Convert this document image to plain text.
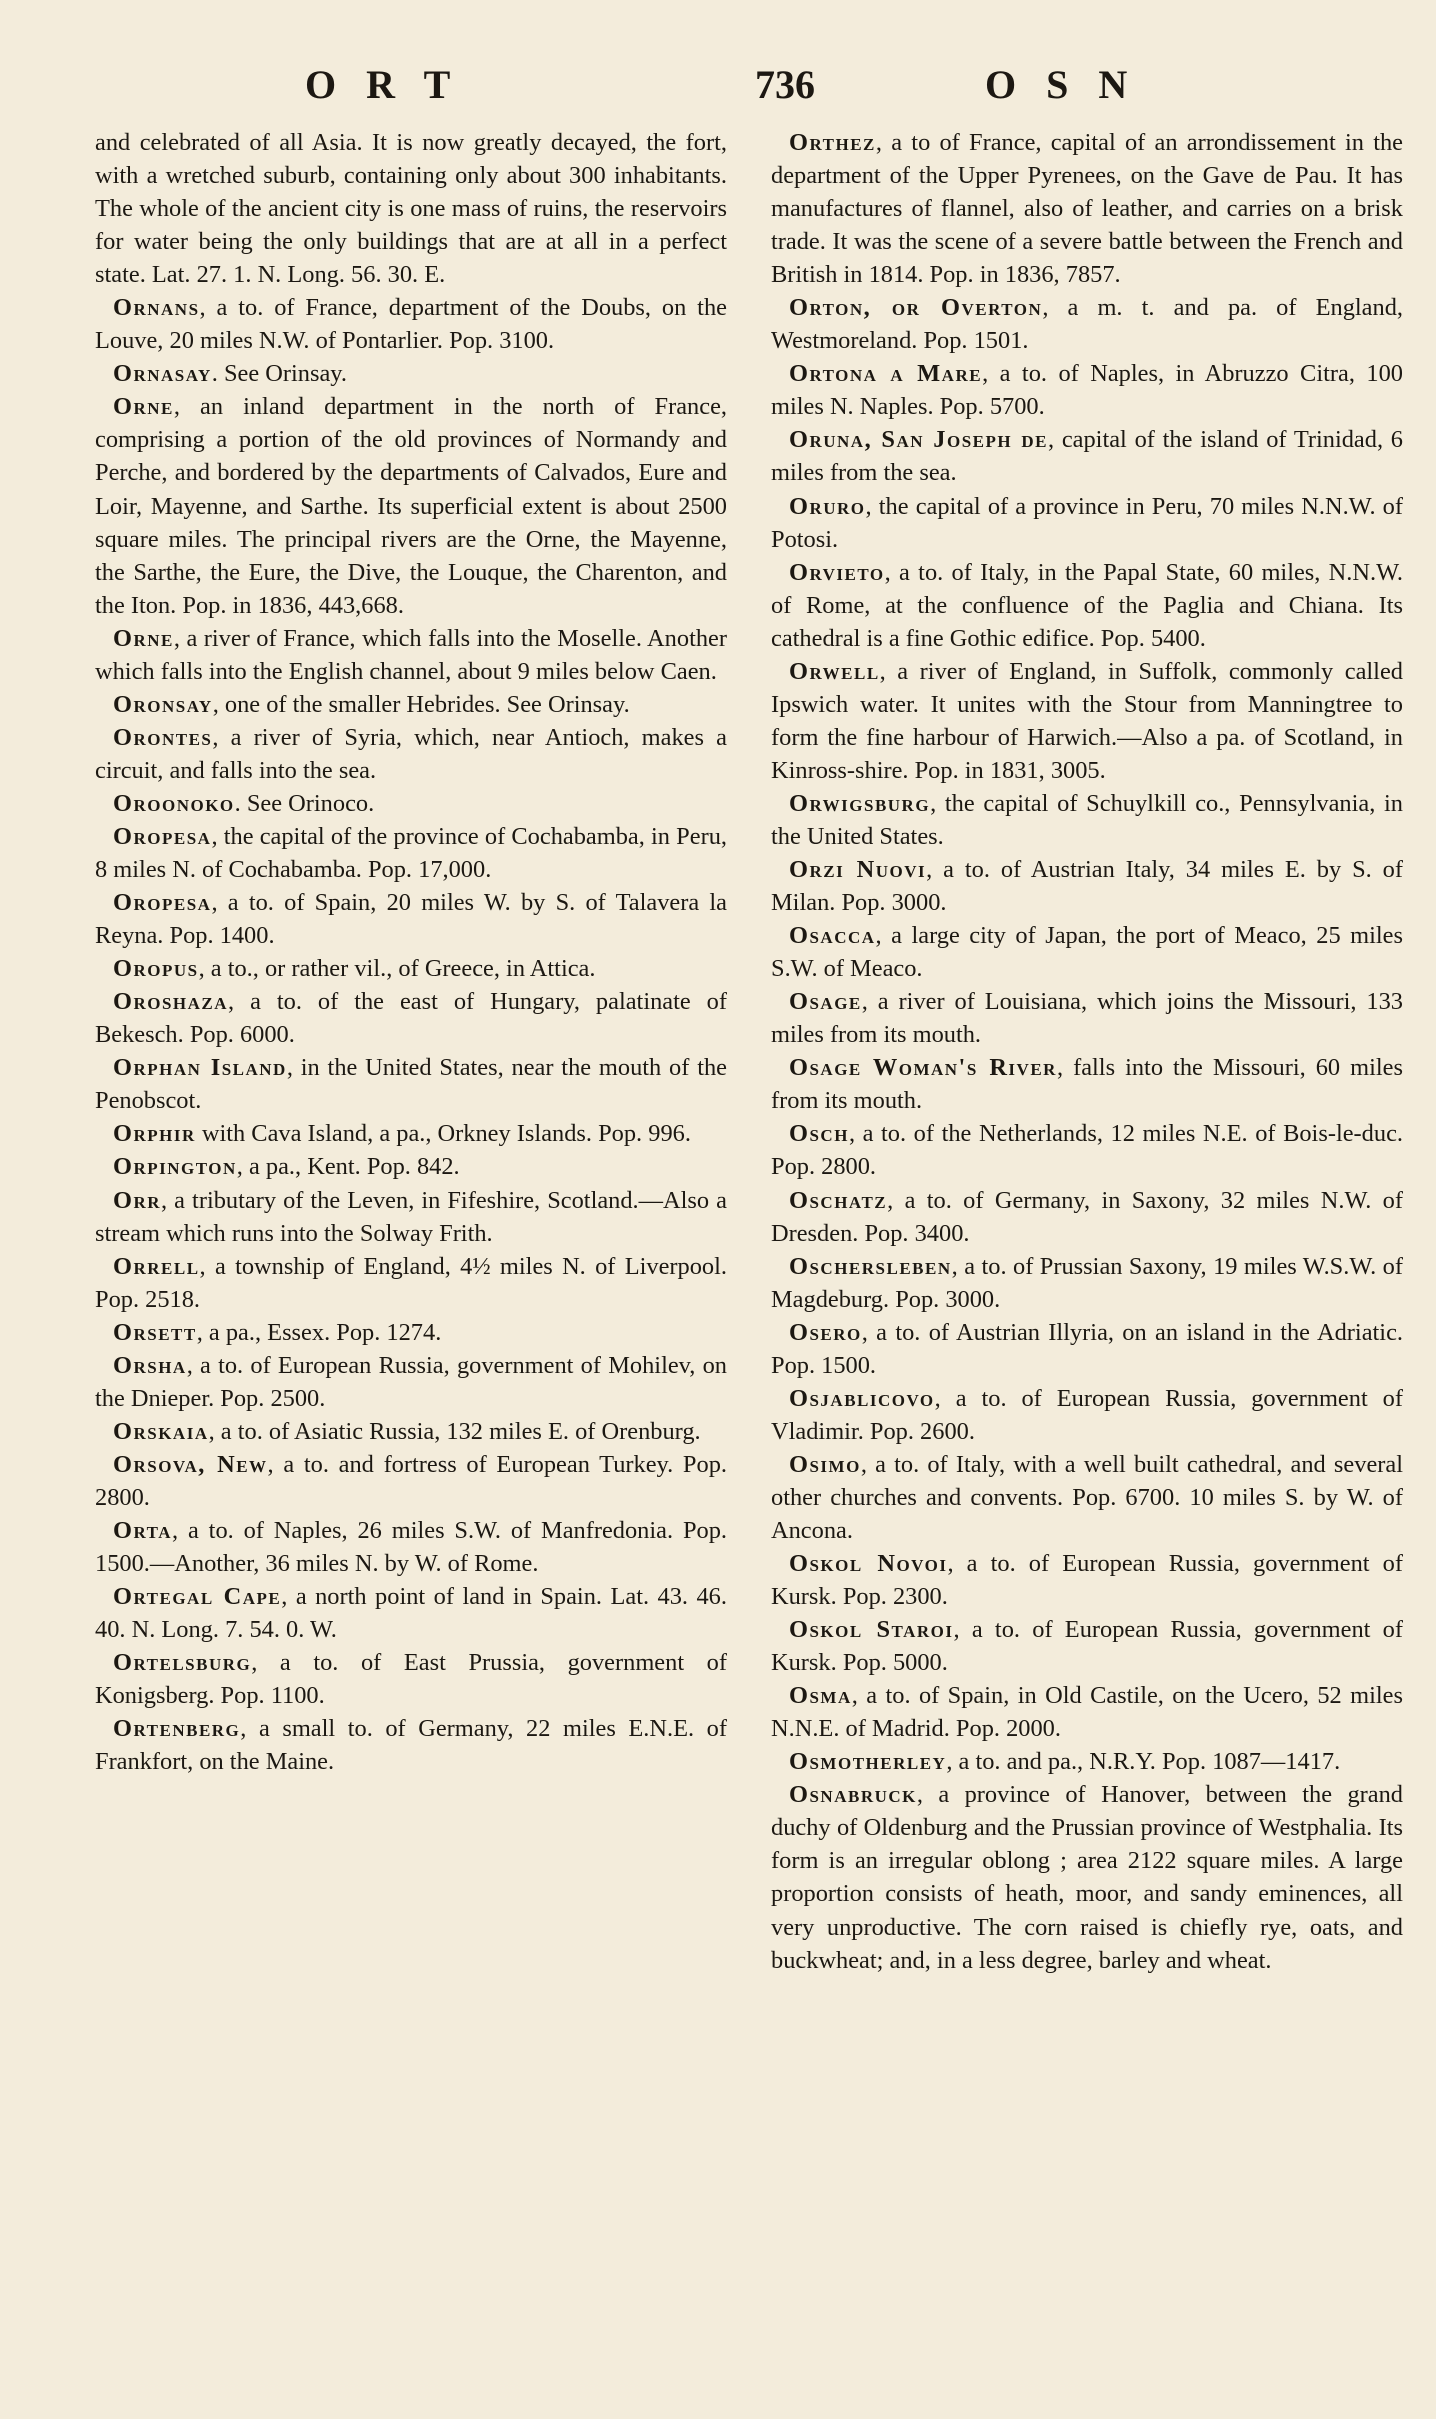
ORT	736	OSN

and celebrated of all Asia. It is now greatly decayed, the fort, with a wretched suburb, containing only about 300 inhabitants. The whole of the ancient city is one mass of ruins, the reservoirs for water being the only buildings that are at all in a perfect state. Lat. 27. 1. N. Long. 56. 30. E.

Ornans, a to. of France, department of the Doubs, on the Louve, 20 miles N.W. of Pontarlier. Pop. 3100.

Ornasay. See Orinsay.

Orne, an inland department in the north of France, comprising a portion of the old provinces of Normandy and Perche, and bordered by the departments of Calvados, Eure and Loir, Mayenne, and Sarthe. Its superficial extent is about 2500 square miles. The principal rivers are the Orne, the Mayenne, the Sarthe, the Eure, the Dive, the Louque, the Charenton, and the Iton. Pop. in 1836, 443,668.

Orne, a river of France, which falls into the Moselle. Another which falls into the English channel, about 9 miles below Caen.

Oronsay, one of the smaller Hebrides. See Orinsay.

Orontes, a river of Syria, which, near Antioch, makes a circuit, and falls into the sea.

Oroonoko. See Orinoco.

Oropesa, the capital of the province of Cochabamba, in Peru, 8 miles N. of Cochabamba. Pop. 17,000.

Oropesa, a to. of Spain, 20 miles W. by S. of Talavera la Reyna. Pop. 1400.

Oropus, a to., or rather vil., of Greece, in Attica.

Oroshaza, a to. of the east of Hungary, palatinate of Bekesch. Pop. 6000.

Orphan Island, in the United States, near the mouth of the Penobscot.

Orphir with Cava Island, a pa., Orkney Islands. Pop. 996.

Orpington, a pa., Kent. Pop. 842.

Orr, a tributary of the Leven, in Fifeshire, Scotland.—Also a stream which runs into the Solway Frith.

Orrell, a township of England, 4½ miles N. of Liverpool. Pop. 2518.

Orsett, a pa., Essex. Pop. 1274.

Orsha, a to. of European Russia, government of Mohilev, on the Dnieper. Pop. 2500.

Orskaia, a to. of Asiatic Russia, 132 miles E. of Orenburg.

Orsova, New, a to. and fortress of European Turkey. Pop. 2800.

Orta, a to. of Naples, 26 miles S.W. of Manfredonia. Pop. 1500.—Another, 36 miles N. by W. of Rome.

Ortegal Cape, a north point of land in Spain. Lat. 43. 46. 40. N. Long. 7. 54. 0. W.

Ortelsburg, a to. of East Prussia, government of Konigsberg. Pop. 1100.

Ortenberg, a small to. of Germany, 22 miles E.N.E. of Frankfort, on the Maine.

Orthez, a to of France, capital of an arrondissement in the department of the Upper Pyrenees, on the Gave de Pau. It has manufactures of flannel, also of leather, and carries on a brisk trade. It was the scene of a severe battle between the French and British in 1814. Pop. in 1836, 7857.

Orton, or Overton, a m. t. and pa. of England, Westmoreland. Pop. 1501.

Ortona a Mare, a to. of Naples, in Abruzzo Citra, 100 miles N. Naples. Pop. 5700.

Oruna, San Joseph de, capital of the island of Trinidad, 6 miles from the sea.

Oruro, the capital of a province in Peru, 70 miles N.N.W. of Potosi.

Orvieto, a to. of Italy, in the Papal State, 60 miles, N.N.W. of Rome, at the confluence of the Paglia and Chiana. Its cathedral is a fine Gothic edifice. Pop. 5400.

Orwell, a river of England, in Suffolk, commonly called Ipswich water. It unites with the Stour from Manningtree to form the fine harbour of Harwich.—Also a pa. of Scotland, in Kinross-shire. Pop. in 1831, 3005.

Orwigsburg, the capital of Schuylkill co., Pennsylvania, in the United States.

Orzi Nuovi, a to. of Austrian Italy, 34 miles E. by S. of Milan. Pop. 3000.

Osacca, a large city of Japan, the port of Meaco, 25 miles S.W. of Meaco.

Osage, a river of Louisiana, which joins the Missouri, 133 miles from its mouth.

Osage Woman's River, falls into the Missouri, 60 miles from its mouth.

Osch, a to. of the Netherlands, 12 miles N.E. of Bois-le-duc. Pop. 2800.

Oschatz, a to. of Germany, in Saxony, 32 miles N.W. of Dresden. Pop. 3400.

Oschersleben, a to. of Prussian Saxony, 19 miles W.S.W. of Magdeburg. Pop. 3000.

Osero, a to. of Austrian Illyria, on an island in the Adriatic. Pop. 1500.

Osjablicovo, a to. of European Russia, government of Vladimir. Pop. 2600.

Osimo, a to. of Italy, with a well built cathedral, and several other churches and convents. Pop. 6700. 10 miles S. by W. of Ancona.

Oskol Novoi, a to. of European Russia, government of Kursk. Pop. 2300.

Oskol Staroi, a to. of European Russia, government of Kursk. Pop. 5000.

Osma, a to. of Spain, in Old Castile, on the Ucero, 52 miles N.N.E. of Madrid. Pop. 2000.

Osmotherley, a to. and pa., N.R.Y. Pop. 1087—1417.

Osnabruck, a province of Hanover, between the grand duchy of Oldenburg and the Prussian province of Westphalia. Its form is an irregular oblong ; area 2122 square miles. A large proportion consists of heath, moor, and sandy eminences, all very unproductive. The corn raised is chiefly rye, oats, and buckwheat; and, in a less degree, barley and wheat.
